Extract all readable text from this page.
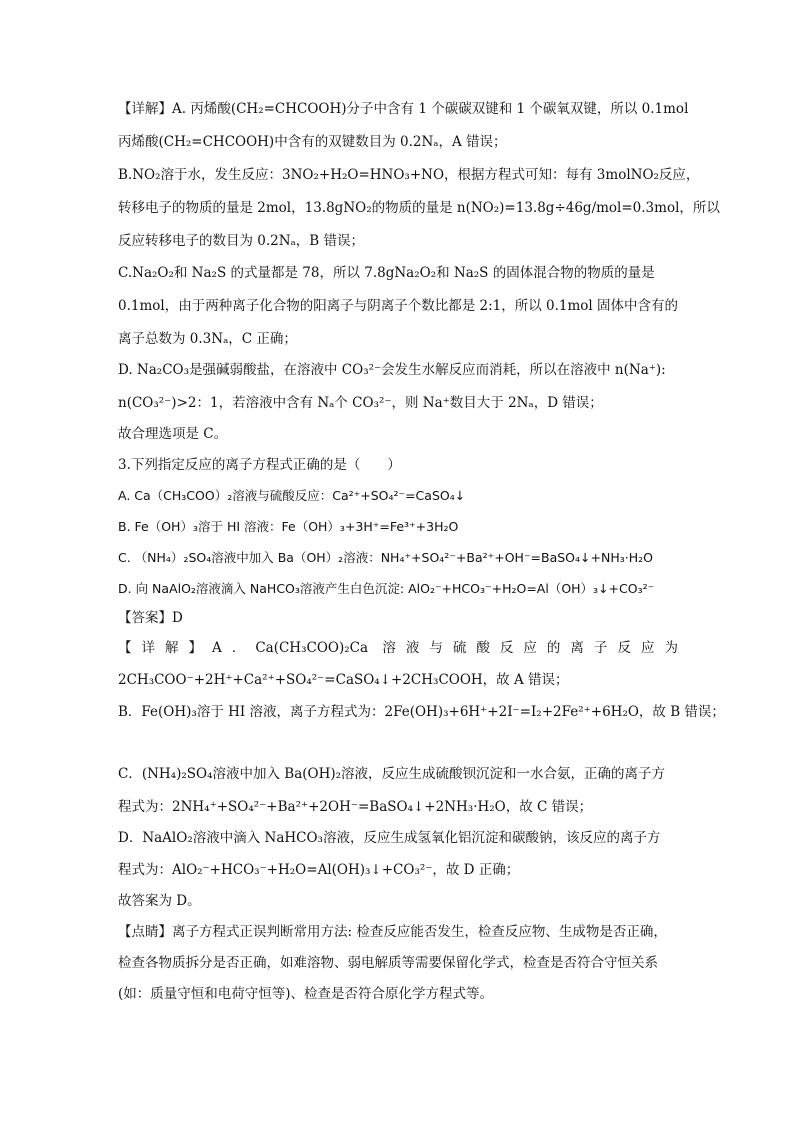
【详解】A. 丙烯酸(CH₂=CHCOOH)分子中含有 1 个碳碳双键和 1 个碳氧双键，所以 0.1mol
丙烯酸(CH₂=CHCOOH)中含有的双键数目为 0.2Nₐ，A 错误；
B.NO₂溶于水，发生反应：3NO₂+H₂O=HNO₃+NO，根据方程式可知：每有 3molNO₂反应，
转移电子的物质的量是 2mol，13.8gNO₂的物质的量是 n(NO₂)=13.8g÷46g/mol=0.3mol，所以
反应转移电子的数目为 0.2Nₐ，B 错误；
C.Na₂O₂和 Na₂S 的式量都是 78，所以 7.8gNa₂O₂和 Na₂S 的固体混合物的物质的量是
0.1mol，由于两种离子化合物的阳离子与阴离子个数比都是 2:1，所以 0.1mol 固体中含有的
离子总数为 0.3Nₐ，C 正确；
D. Na₂CO₃是强碱弱酸盐，在溶液中 CO₃²⁻会发生水解反应而消耗，所以在溶液中 n(Na⁺):
n(CO₃²⁻)>2：1，若溶液中含有 Nₐ个 CO₃²⁻，则 Na⁺数目大于 2Nₐ，D 错误；
故合理选项是 C。
3.下列指定反应的离子方程式正确的是（　　）
A. Ca（CH₃COO）₂溶液与硫酸反应：Ca²⁺+SO₄²⁻=CaSO₄↓
B. Fe（OH）₃溶于 HI 溶液：Fe（OH）₃+3H⁺=Fe³⁺+3H₂O
C. （NH₄）₂SO₄溶液中加入 Ba（OH）₂溶液：NH₄⁺+SO₄²⁻+Ba²⁺+OH⁻=BaSO₄↓+NH₃·H₂O
D. 向 NaAlO₂溶液滴入 NaHCO₃溶液产生白色沉淀: AlO₂⁻+HCO₃⁻+H₂O=Al（OH）₃↓+CO₃²⁻
【答案】D
【详解】A．Ca(CH₃COO)₂Ca 溶液与硫酸反应的离子反应为
2CH₃COO⁻+2H⁺+Ca²⁺+SO₄²⁻=CaSO₄↓+2CH₃COOH，故 A 错误；
B．Fe(OH)₃溶于 HI 溶液，离子方程式为：2Fe(OH)₃+6H⁺+2I⁻=I₂+2Fe²⁺+6H₂O，故 B 错误；
C．(NH₄)₂SO₄溶液中加入 Ba(OH)₂溶液，反应生成硫酸钡沉淀和一水合氨，正确的离子方
程式为：2NH₄⁺+SO₄²⁻+Ba²⁺+2OH⁻=BaSO₄↓+2NH₃·H₂O，故 C 错误；
D．NaAlO₂溶液中滴入 NaHCO₃溶液，反应生成氢氧化铝沉淀和碳酸钠，该反应的离子方
程式为：AlO₂⁻+HCO₃⁻+H₂O=Al(OH)₃↓+CO₃²⁻，故 D 正确；
故答案为 D。
【点睛】离子方程式正误判断常用方法: 检查反应能否发生，检查反应物、生成物是否正确，
检查各物质拆分是否正确，如难溶物、弱电解质等需要保留化学式，检查是否符合守恒关系
(如：质量守恒和电荷守恒等)、检查是否符合原化学方程式等。
